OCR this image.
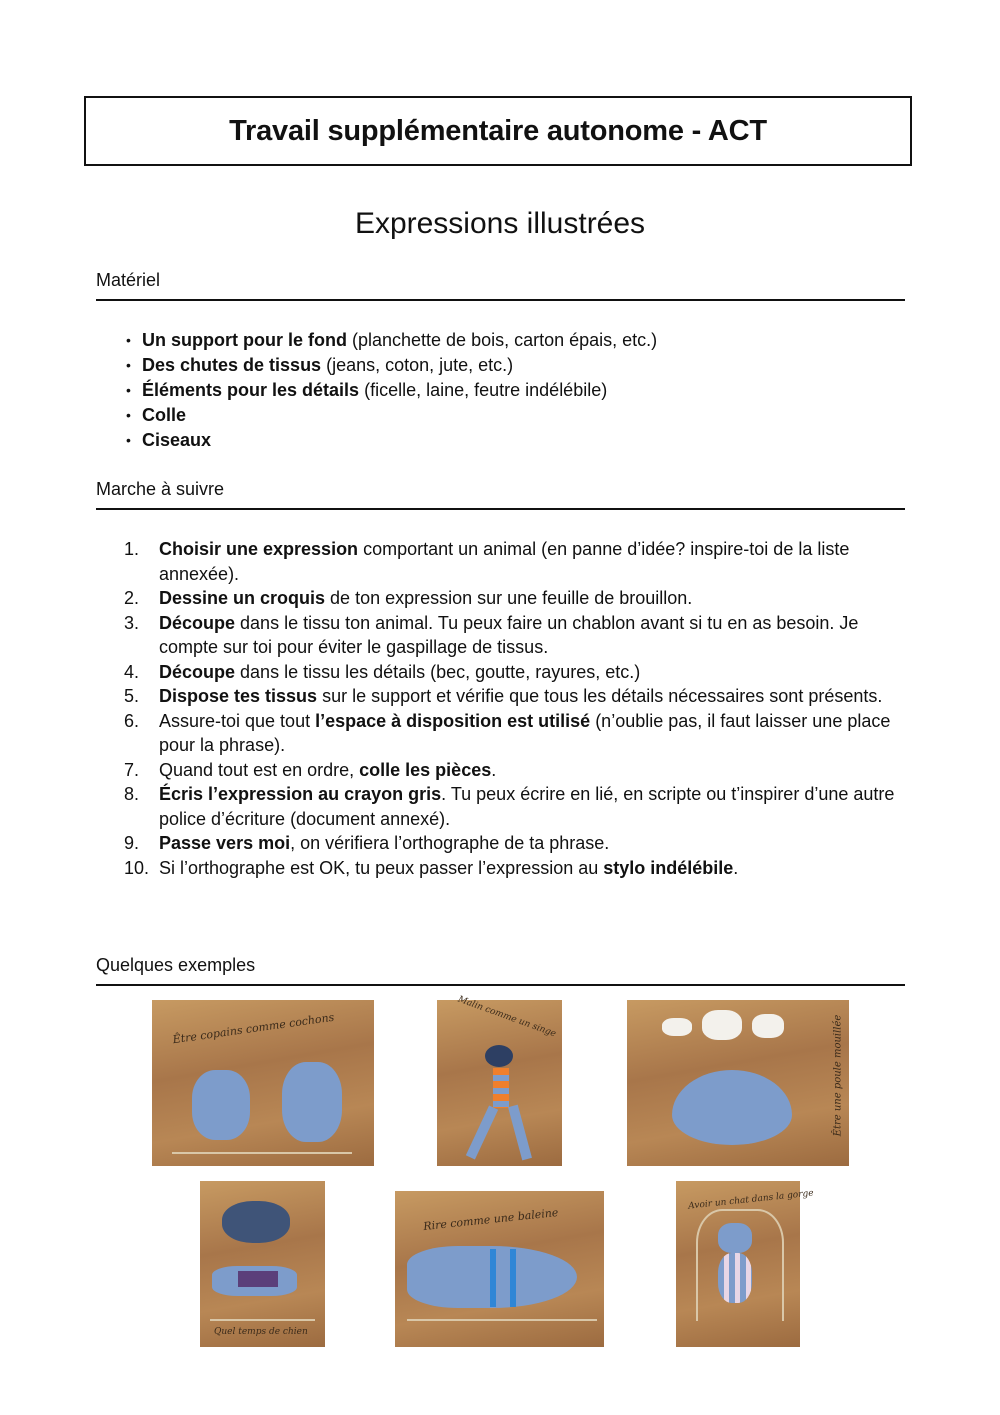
Travail supplémentaire autonome - ACT
Expressions illustrées
Matériel
• Un support pour le fond (planchette de bois, carton épais, etc.)
• Des chutes de tissus (jeans, coton, jute, etc.)
• Éléments pour les détails (ficelle, laine, feutre indélébile)
• Colle
• Ciseaux
Marche à suivre
1. Choisir une expression comportant un animal (en panne d’idée? inspire-toi de la liste annexée).
2. Dessine un croquis de ton expression sur une feuille de brouillon.
3. Découpe dans le tissu ton animal. Tu peux faire un chablon avant si tu en as besoin. Je compte sur toi pour éviter le gaspillage de tissus.
4. Découpe dans le tissu les détails (bec, goutte, rayures, etc.)
5. Dispose tes tissus sur le support et vérifie que tous les détails nécessaires sont présents.
6. Assure-toi que tout l’espace à disposition est utilisé (n’oublie pas, il faut laisser une place pour la phrase).
7. Quand tout est en ordre, colle les pièces.
8. Écris l’expression au crayon gris. Tu peux écrire en lié, en scripte ou t’inspirer d’une autre police d’écriture (document annexé).
9. Passe vers moi, on vérifiera l’orthographe de ta phrase.
10. Si l’orthographe est OK, tu peux passer l’expression au stylo indélébile.
Quelques exemples
Être copains comme cochons	Malin comme un singe	Être une poule mouillée
Quel temps de chien
Rire comme une baleine
Avoir un chat dans la gorge
